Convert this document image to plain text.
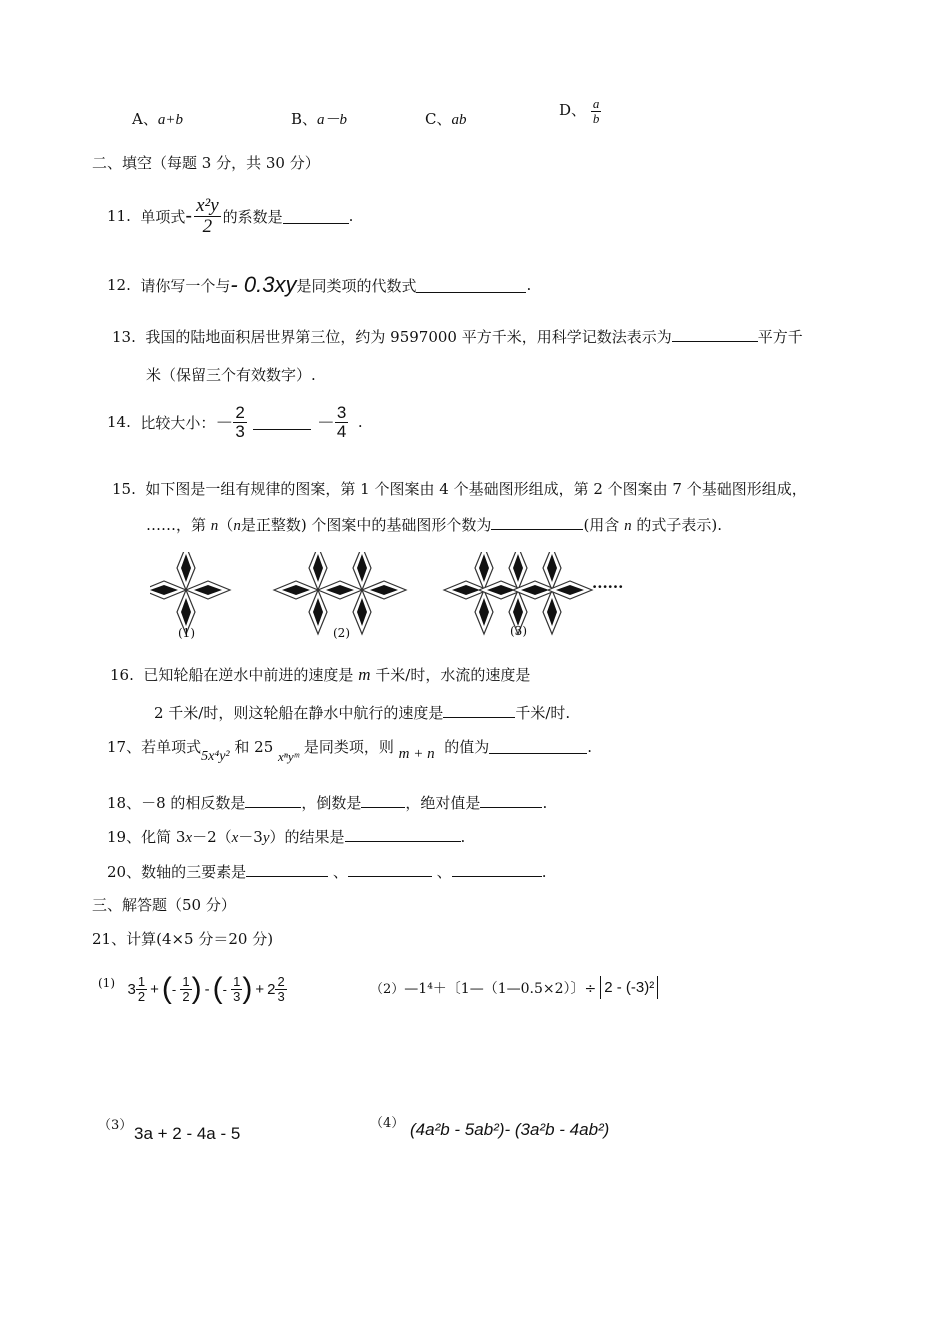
A、a+b	B、a－b	C、ab
D、 $\frac{a}{b}$
二、填空（每题 3 分，共 30 分）
11.
单项式 - $\frac{\text{x²y}}{2}$ 的系数是	.
12.
请你写一个与 - 0.3xy 是同类项的代数式	.
13. 我国的陆地面积居世界第三位，约为 9597000 平方千米，用科学记数法表示为	平方千
米（保留三个有效数字）.
14.
比较大小： － $\frac{2}{3}$	－ $\frac{3}{4}$
.
15. 如下图是一组有规律的图案，第 1 个图案由 4 个基础图形组成，第 2 个图案由 7 个基础图形组成，
……，第 n（n是正整数) 个图案中的基础图形个数为	(用含 n 的式子表示).
......
(1)	(2)	(3)
16. 已知轮船在逆水中前进的速度是 m 千米/时，水流的速度是
2 千米/时，则这轮船在静水中航行的速度是	千米/时.
17、 若单项式 5x⁴y²
和 25
xⁿyᵐ
是同类项，则
m + n
的值为	.
18、－8 的相反数是	，倒数是	，绝对值是	.
19、化简 3x－2（x－3y）的结果是	.
20、数轴的三要素是	、	、	.
三、解答题（50 分）
21、计算(4×5 分＝20 分)
(1)
$3 \frac{1}{2}$ + ( -
$\frac{1}{2}$ ) - ( -
$\frac{1}{3}$ ) + $2 \frac{2}{3}$	（2） —1⁴＋〔1—（1—0.5×2）〕÷ 2 - (-3)²
（3） 3a + 2 - 4a - 5
（4） (4a²b - 5ab²)- (3a²b - 4ab²)
